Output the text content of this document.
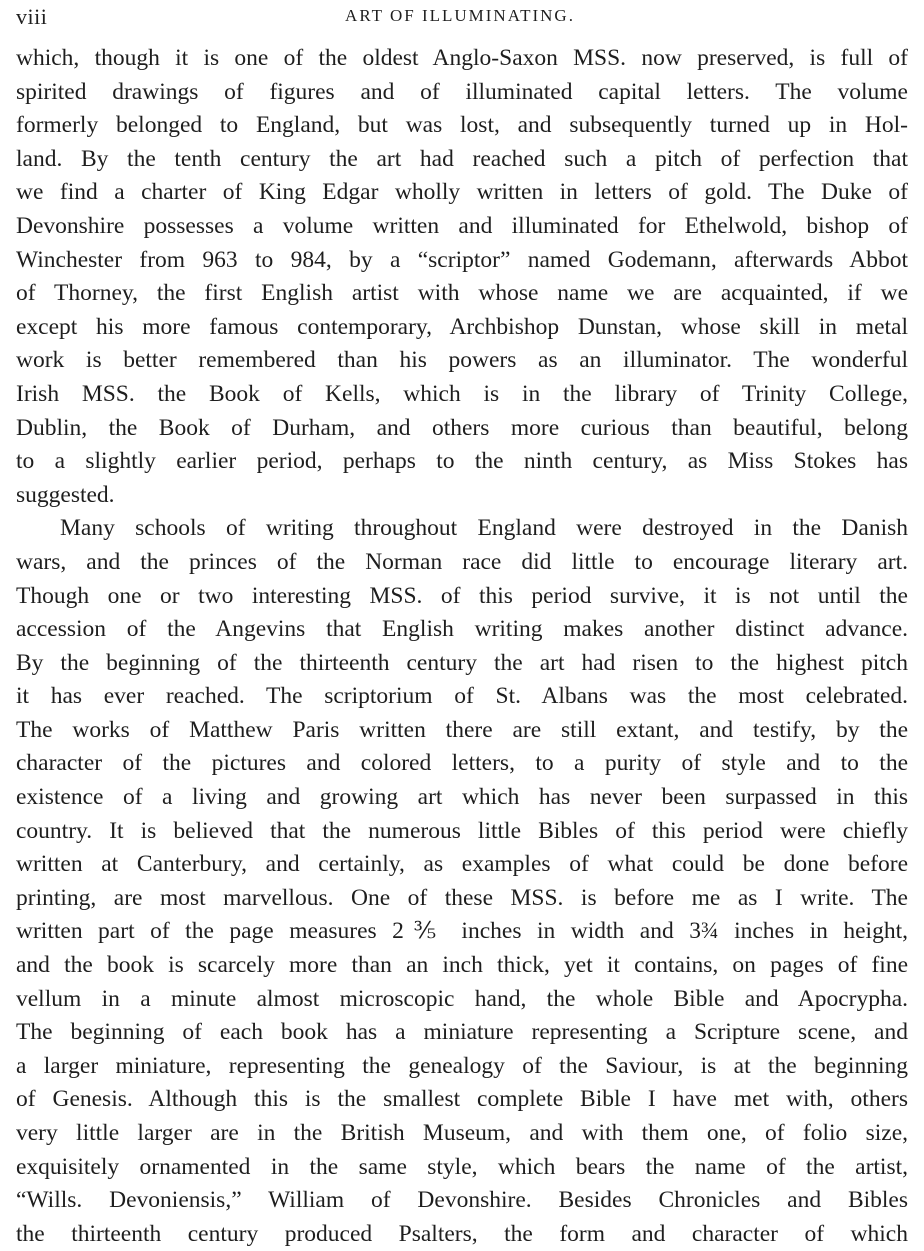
viii	ART OF ILLUMINATING.
which, though it is one of the oldest Anglo-Saxon MSS. now preserved, is full of
spirited drawings of figures and of illuminated capital letters. The volume
formerly belonged to England, but was lost, and subsequently turned up in Hol-
land. By the tenth century the art had reached such a pitch of perfection that
we find a charter of King Edgar wholly written in letters of gold. The Duke of
Devonshire possesses a volume written and illuminated for Ethelwold, bishop of
Winchester from 963 to 984, by a “scriptor” named Godemann, afterwards Abbot
of Thorney, the first English artist with whose name we are acquainted, if we
except his more famous contemporary, Archbishop Dunstan, whose skill in metal
work is better remembered than his powers as an illuminator. The wonderful
Irish MSS. the Book of Kells, which is in the library of Trinity College,
Dublin, the Book of Durham, and others more curious than beautiful, belong
to a slightly earlier period, perhaps to the ninth century, as Miss Stokes has
suggested.
Many schools of writing throughout England were destroyed in the Danish
wars, and the princes of the Norman race did little to encourage literary art.
Though one or two interesting MSS. of this period survive, it is not until the
accession of the Angevins that English writing makes another distinct advance.
By the beginning of the thirteenth century the art had risen to the highest pitch
it has ever reached. The scriptorium of St. Albans was the most celebrated.
The works of Matthew Paris written there are still extant, and testify, by the
character of the pictures and colored letters, to a purity of style and to the
existence of a living and growing art which has never been surpassed in this
country. It is believed that the numerous little Bibles of this period were chiefly
written at Canterbury, and certainly, as examples of what could be done before
printing, are most marvellous. One of these MSS. is before me as I write. The
written part of the page measures 2⅗ inches in width and 3¾ inches in height,
and the book is scarcely more than an inch thick, yet it contains, on pages of fine
vellum in a minute almost microscopic hand, the whole Bible and Apocrypha.
The beginning of each book has a miniature representing a Scripture scene, and
a larger miniature, representing the genealogy of the Saviour, is at the beginning
of Genesis. Although this is the smallest complete Bible I have met with, others
very little larger are in the British Museum, and with them one, of folio size,
exquisitely ornamented in the same style, which bears the name of the artist,
“Wills. Devoniensis,” William of Devonshire. Besides Chronicles and Bibles
the thirteenth century produced Psalters, the form and character of which
